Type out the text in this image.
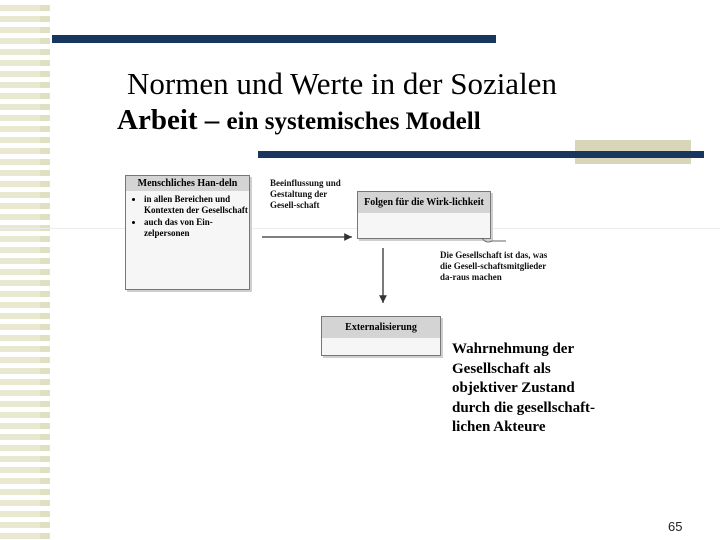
Normen und Werte in der Sozialen
Arbeit – ein systemisches Modell
Menschliches Han-deln
• in allen Bereichen und Kontexten der Gesellschaft
• auch das von Ein-zelpersonen
Beeinflussung und Gestaltung der Gesell-schaft	Folgen für die Wirk-lichkeit
Die Gesellschaft ist das, was die Gesell-schaftsmitglieder da-raus machen
Externalisierung
Wahrnehmung der Gesellschaft als objektiver Zustand durch die gesellschaft-lichen Akteure
65
